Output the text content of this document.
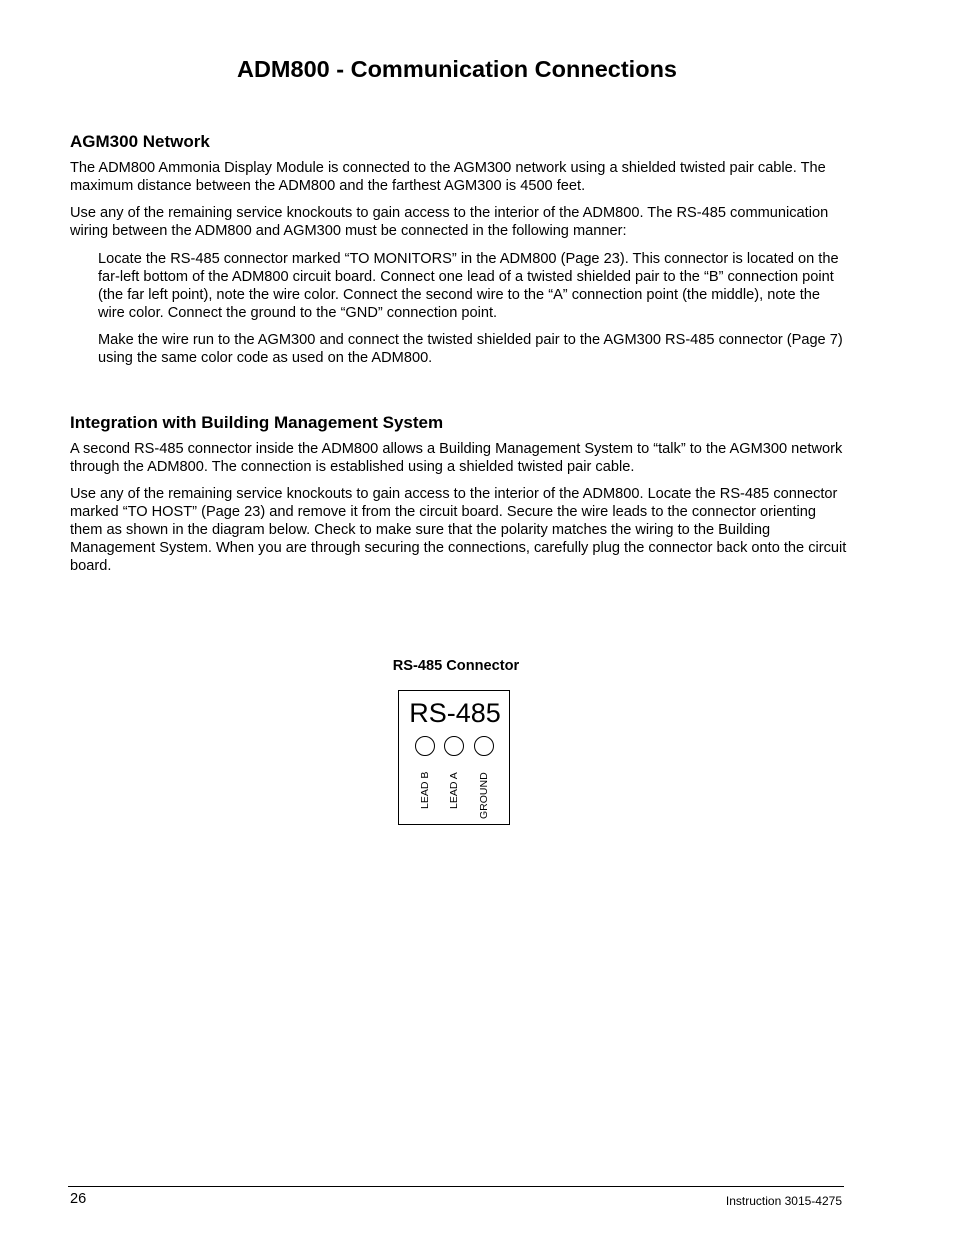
ADM800 - Communication Connections
AGM300 Network

The ADM800 Ammonia Display Module is connected to the AGM300 network using a shielded twisted pair cable. The maximum distance between the ADM800 and the farthest AGM300 is 4500 feet.

Use any of the remaining service knockouts to gain access to the interior of the ADM800. The RS-485 communication wiring between the ADM800 and AGM300 must be connected in the following manner:

Locate the RS-485 connector marked “TO MONITORS” in the ADM800 (Page 23). This connector is located on the far-left bottom of the ADM800 circuit board. Connect one lead of a twisted shielded pair to the “B” connection point (the far left point), note the wire color. Connect the second wire to the “A” connection point (the middle), note the wire color. Connect the ground to the “GND” connection point.

Make the wire run to the AGM300 and connect the twisted shielded pair to the AGM300 RS-485 connector (Page 7) using the same color code as used on the ADM800.

Integration with Building Management System

A second RS-485 connector inside the ADM800 allows a Building Management System to “talk” to the AGM300 network through the ADM800. The connection is established using a shielded twisted pair cable.

Use any of the remaining service knockouts to gain access to the interior of the ADM800. Locate the RS-485 connector marked “TO HOST” (Page 23) and remove it from the circuit board. Secure the wire leads to the connector orienting them as shown in the diagram below. Check to make sure that the polarity matches the wiring to the Building Management System. When you are through securing the connections, carefully plug the connector back onto the circuit board.

RS-485 Connector
RS-485
LEAD B LEAD A GROUND
26	Instruction 3015-4275
